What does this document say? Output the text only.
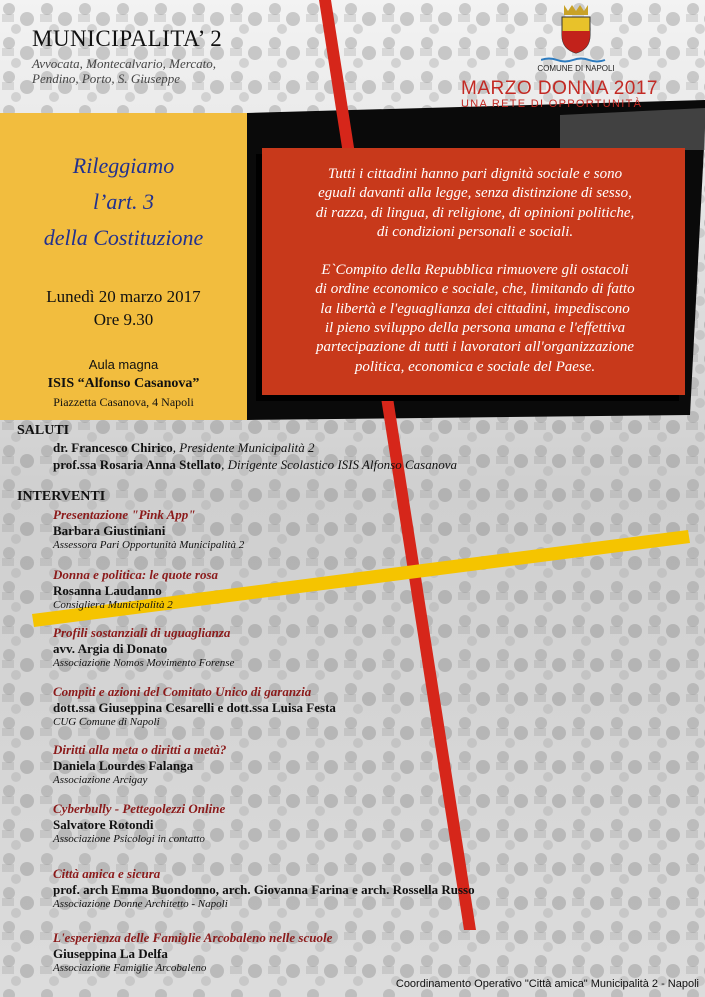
MUNICIPALITA’ 2
Avvocata, Montecalvario, Mercato,
Pendino, Porto, S. Giuseppe
COMUNE DI NAPOLI
MARZO DONNA 2017
UNA RETE DI OPPORTUNITÀ
Rileggiamo
l’art. 3
della Costituzione
Lunedì 20 marzo 2017
Ore 9.30
Aula magna
ISIS “Alfonso Casanova”
Piazzetta Casanova, 4 Napoli
Tutti i cittadini hanno pari dignità sociale e sono
eguali davanti alla legge, senza distinzione di sesso,
di razza, di lingua, di religione, di opinioni politiche,
di condizioni personali e sociali.
E`Compito della Repubblica rimuovere gli ostacoli
di ordine economico e sociale, che, limitando di fatto
la libertà e l'eguaglianza dei cittadini, impediscono
il pieno sviluppo della persona umana e l'effettiva
partecipazione di tutti i lavoratori all'organizzazione
politica, economica e sociale del Paese.
SALUTI
dr. Francesco Chirico, Presidente Municipalità 2
prof.ssa Rosaria Anna Stellato, Dirigente Scolastico ISIS Alfonso Casanova
INTERVENTI
Presentazione "Pink App"
Barbara Giustiniani
Assessora Pari Opportunità Municipalità 2
Donna e politica: le quote rosa
Rosanna Laudanno
Consigliera Municipalità 2
Profili sostanziali di uguaglianza
avv. Argia di Donato
Associazione Nomos Movimento Forense
Compiti e azioni del Comitato Unico di garanzia
dott.ssa Giuseppina Cesarelli e dott.ssa Luisa Festa
CUG Comune di Napoli
Diritti alla meta o diritti a metà?
Daniela Lourdes Falanga
Associazione Arcigay
Cyberbully - Pettegolezzi Online
Salvatore Rotondi
Associazione Psicologi in contatto
Città amica e sicura
prof. arch Emma Buondonno, arch. Giovanna Farina e arch. Rossella Russo
Associazione Donne Architetto - Napoli
L'esperienza delle Famiglie Arcobaleno nelle scuole
Giuseppina La Delfa
Associazione Famiglie Arcobaleno
Coordinamento Operativo "Città amica" Municipalità 2 - Napoli
